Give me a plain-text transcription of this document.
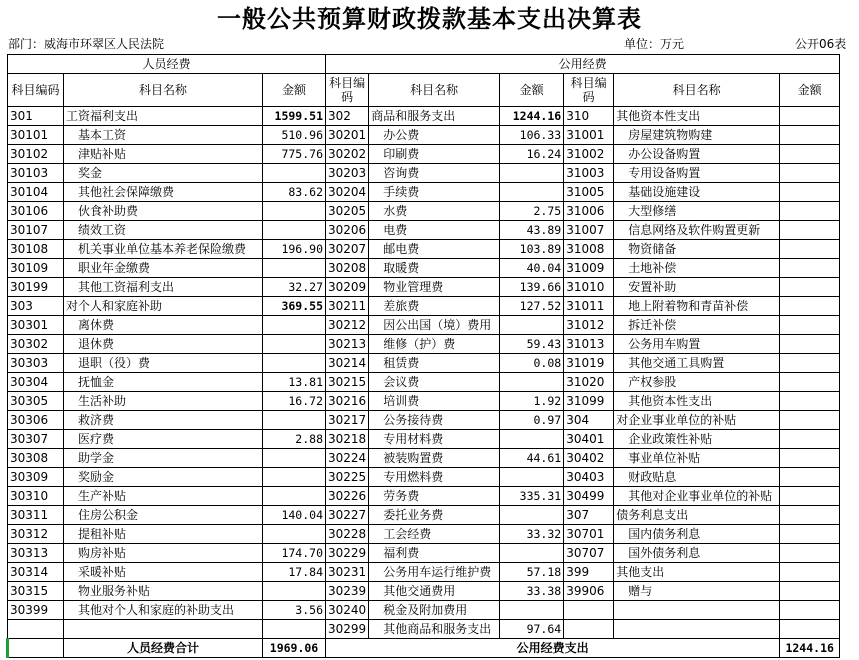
一般公共预算财政拨款基本支出决算表
部门：威海市环翠区人民法院	单位：万元	公开06表
人员经费			公用经费					
科目编码	科目名称	金额	科目编码	科目名称	金额	科目编码	科目名称	金额
301	工资福利支出	1599.51	302	商品和服务支出	1244.16	310	其他资本性支出	
30101	基本工资	510.96	30201	办公费	106.33	31001	房屋建筑物购建	
30102	津贴补贴	775.76	30202	印刷费	16.24	31002	办公设备购置	
30103	奖金		30203	咨询费		31003	专用设备购置	
30104	其他社会保障缴费	83.62	30204	手续费		31005	基础设施建设	
30106	伙食补助费		30205	水费	2.75	31006	大型修缮	
30107	绩效工资		30206	电费	43.89	31007	信息网络及软件购置更新	
30108	机关事业单位基本养老保险缴费	196.90	30207	邮电费	103.89	31008	物资储备	
30109	职业年金缴费		30208	取暖费	40.04	31009	土地补偿	
30199	其他工资福利支出	32.27	30209	物业管理费	139.66	31010	安置补助	
303	对个人和家庭补助	369.55	30211	差旅费	127.52	31011	地上附着物和青苗补偿	
30301	离休费		30212	因公出国（境）费用		31012	拆迁补偿	
30302	退休费		30213	维修（护）费	59.43	31013	公务用车购置	
30303	退职（役）费		30214	租赁费	0.08	31019	其他交通工具购置	
30304	抚恤金	13.81	30215	会议费		31020	产权参股	
30305	生活补助	16.72	30216	培训费	1.92	31099	其他资本性支出	
30306	救济费		30217	公务接待费	0.97	304	对企业事业单位的补贴	
30307	医疗费	2.88	30218	专用材料费		30401	企业政策性补贴	
30308	助学金		30224	被装购置费	44.61	30402	事业单位补贴	
30309	奖励金		30225	专用燃料费		30403	财政贴息	
30310	生产补贴		30226	劳务费	335.31	30499	其他对企业事业单位的补贴	
30311	住房公积金	140.04	30227	委托业务费		307	债务利息支出	
30312	提租补贴		30228	工会经费	33.32	30701	国内债务利息	
30313	购房补贴	174.70	30229	福利费		30707	国外债务利息	
30314	采暖补贴	17.84	30231	公务用车运行维护费	57.18	399	其他支出	
30315	物业服务补贴		30239	其他交通费用	33.38	39906	赠与	
30399	其他对个人和家庭的补助支出	3.56	30240	税金及附加费用				
			30299	其他商品和服务支出	97.64			
	人员经费合计	1969.06	公用经费支出					1244.16
